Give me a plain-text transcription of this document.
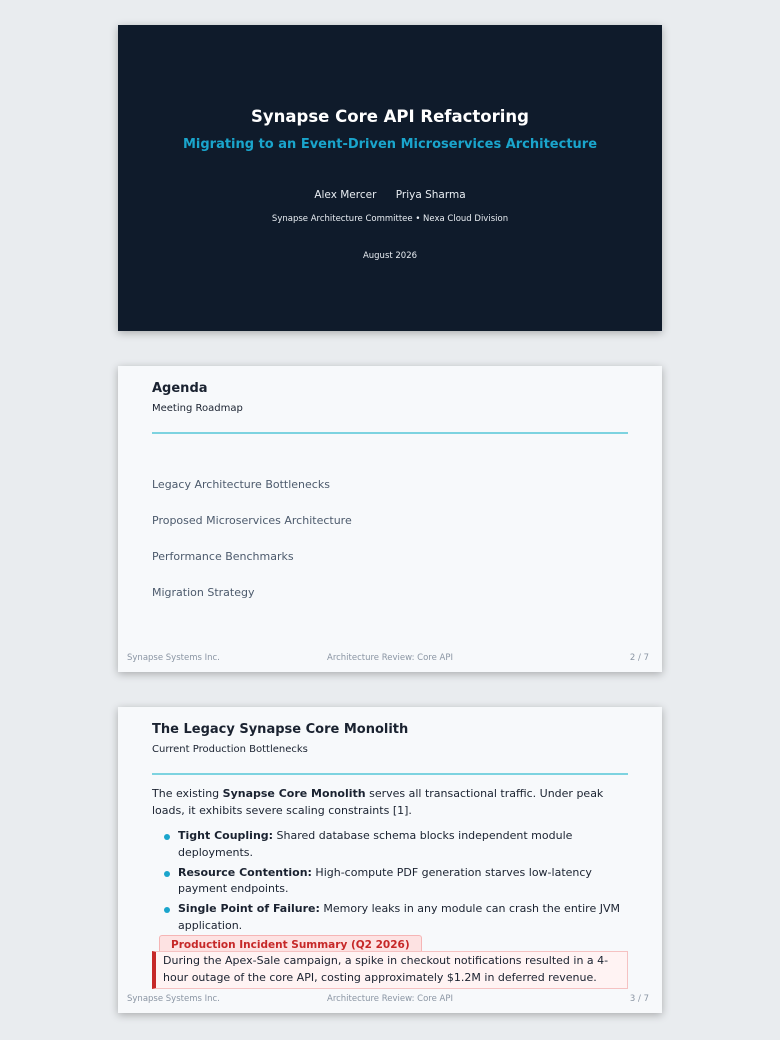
Synapse Core API Refactoring
Migrating to an Event-Driven Microservices Architecture
Alex Mercer Priya Sharma
Synapse Architecture Committee • Nexa Cloud Division
August 2026
Agenda
Meeting Roadmap
Legacy Architecture Bottlenecks
Proposed Microservices Architecture
Performance Benchmarks
Migration Strategy
Synapse Systems Inc.	Architecture Review: Core API	2 / 7
The Legacy Synapse Core Monolith
Current Production Bottlenecks
The existing Synapse Core Monolith serves all transactional traffic. Under peak loads, it exhibits severe scaling constraints [1].
Tight Coupling: Shared database schema blocks independent module deployments.
Resource Contention: High-compute PDF generation starves low-latency payment endpoints.
Single Point of Failure: Memory leaks in any module can crash the entire JVM application.
Production Incident Summary (Q2 2026)
During the Apex-Sale campaign, a spike in checkout notifications resulted in a 4-hour outage of the core API, costing approximately $1.2M in deferred revenue.
Synapse Systems Inc.	Architecture Review: Core API	3 / 7
